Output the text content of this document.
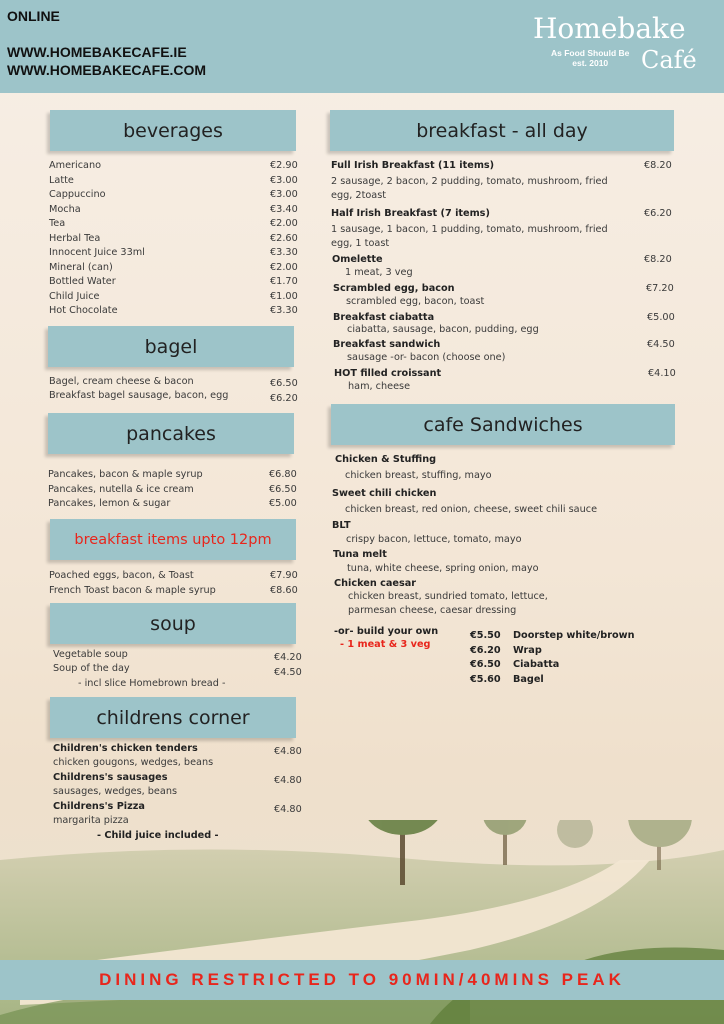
ONLINE
WWW.HOMEBAKECAFE.IE
WWW.HOMEBAKECAFE.COM
Homebake
As Food Should Be
est. 2010	Café
beverages
Americano	€2.90
Latte	€3.00
Cappuccino	€3.00
Mocha	€3.40
Tea	€2.00
Herbal Tea	€2.60
Innocent Juice 33ml	€3.30
Mineral (can)	€2.00
Bottled Water	€1.70
Child Juice	€1.00
Hot Chocolate	€3.30
bagel
Bagel, cream cheese & bacon	€6.50
Breakfast bagel sausage, bacon, egg	€6.20
pancakes
Pancakes, bacon & maple syrup	€6.80
Pancakes, nutella & ice cream	€6.50
Pancakes, lemon & sugar	€5.00
breakfast items upto 12pm
Poached eggs, bacon, & Toast	€7.90
French Toast bacon & maple syrup	€8.60
soup
Vegetable soup	€4.20
Soup of the day	€4.50
- incl slice Homebrown bread -
childrens corner
Children's chicken tenders
chicken gougons, wedges, beans
€4.80
Childrens's sausages
sausages, wedges, beans
€4.80
Childrens's Pizza
margarita pizza
€4.80
- Child juice included -
breakfast - all day
Full Irish Breakfast (11 items)	€8.20
2 sausage, 2 bacon, 2 pudding, tomato, mushroom, fried
egg, 2toast
Half Irish Breakfast (7 items)	€6.20
1 sausage, 1 bacon, 1 pudding, tomato, mushroom, fried
egg, 1 toast
Omelette	€8.20
1 meat, 3 veg
Scrambled egg, bacon	€7.20
scrambled egg, bacon, toast
Breakfast ciabatta	€5.00
ciabatta, sausage, bacon, pudding, egg
Breakfast sandwich	€4.50
sausage -or- bacon (choose one)
HOT filled croissant	€4.10
ham, cheese
cafe Sandwiches
Chicken & Stuffing
chicken breast, stuffing, mayo
Sweet chili chicken
chicken breast, red onion, cheese, sweet chili sauce
BLT
crispy bacon, lettuce, tomato, mayo
Tuna melt
tuna, white cheese, spring onion, mayo
Chicken caesar
chicken breast, sundried tomato, lettuce,
parmesan cheese, caesar dressing
-or- build your own
- 1 meat & 3 veg
€5.50 Doorstep white/brown
€6.20 Wrap
€6.50 Ciabatta
€5.60 Bagel
DINING RESTRICTED TO 90MIN/40MINS PEAK
